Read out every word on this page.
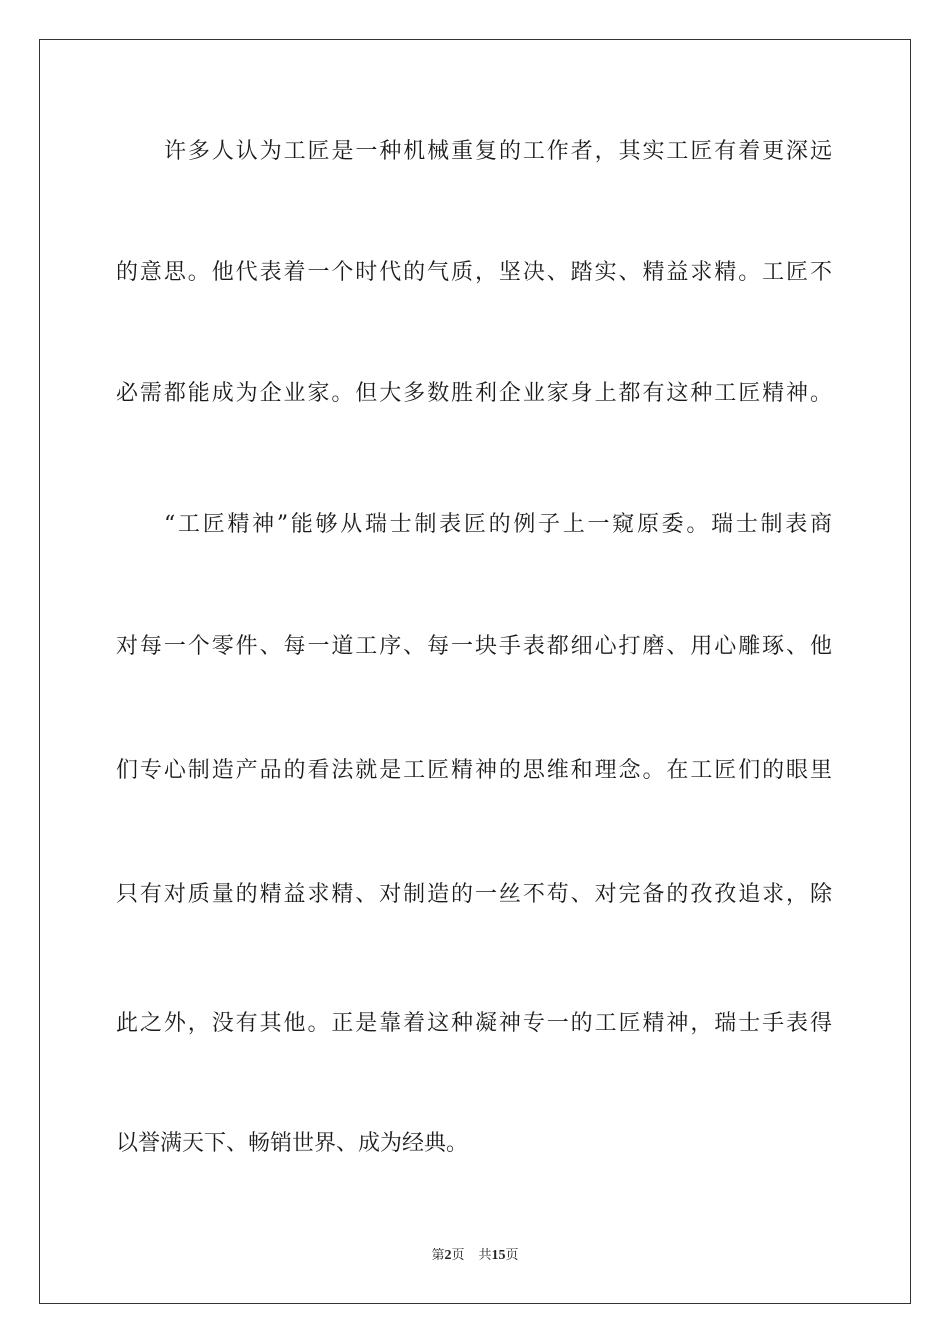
许多人认为工匠是一种机械重复的工作者，其实工匠有着更深远
的意思。他代表着一个时代的气质，坚决、踏实、精益求精。工匠不
必需都能成为企业家。但大多数胜利企业家身上都有这种工匠精神。
“工匠精神”能够从瑞士制表匠的例子上一窥原委。瑞士制表商
对每一个零件、每一道工序、每一块手表都细心打磨、用心雕琢、他
们专心制造产品的看法就是工匠精神的思维和理念。在工匠们的眼里
只有对质量的精益求精、对制造的一丝不苟、对完备的孜孜追求，除
此之外，没有其他。正是靠着这种凝神专一的工匠精神，瑞士手表得
以誉满天下、畅销世界、成为经典。
第2页 共15页
